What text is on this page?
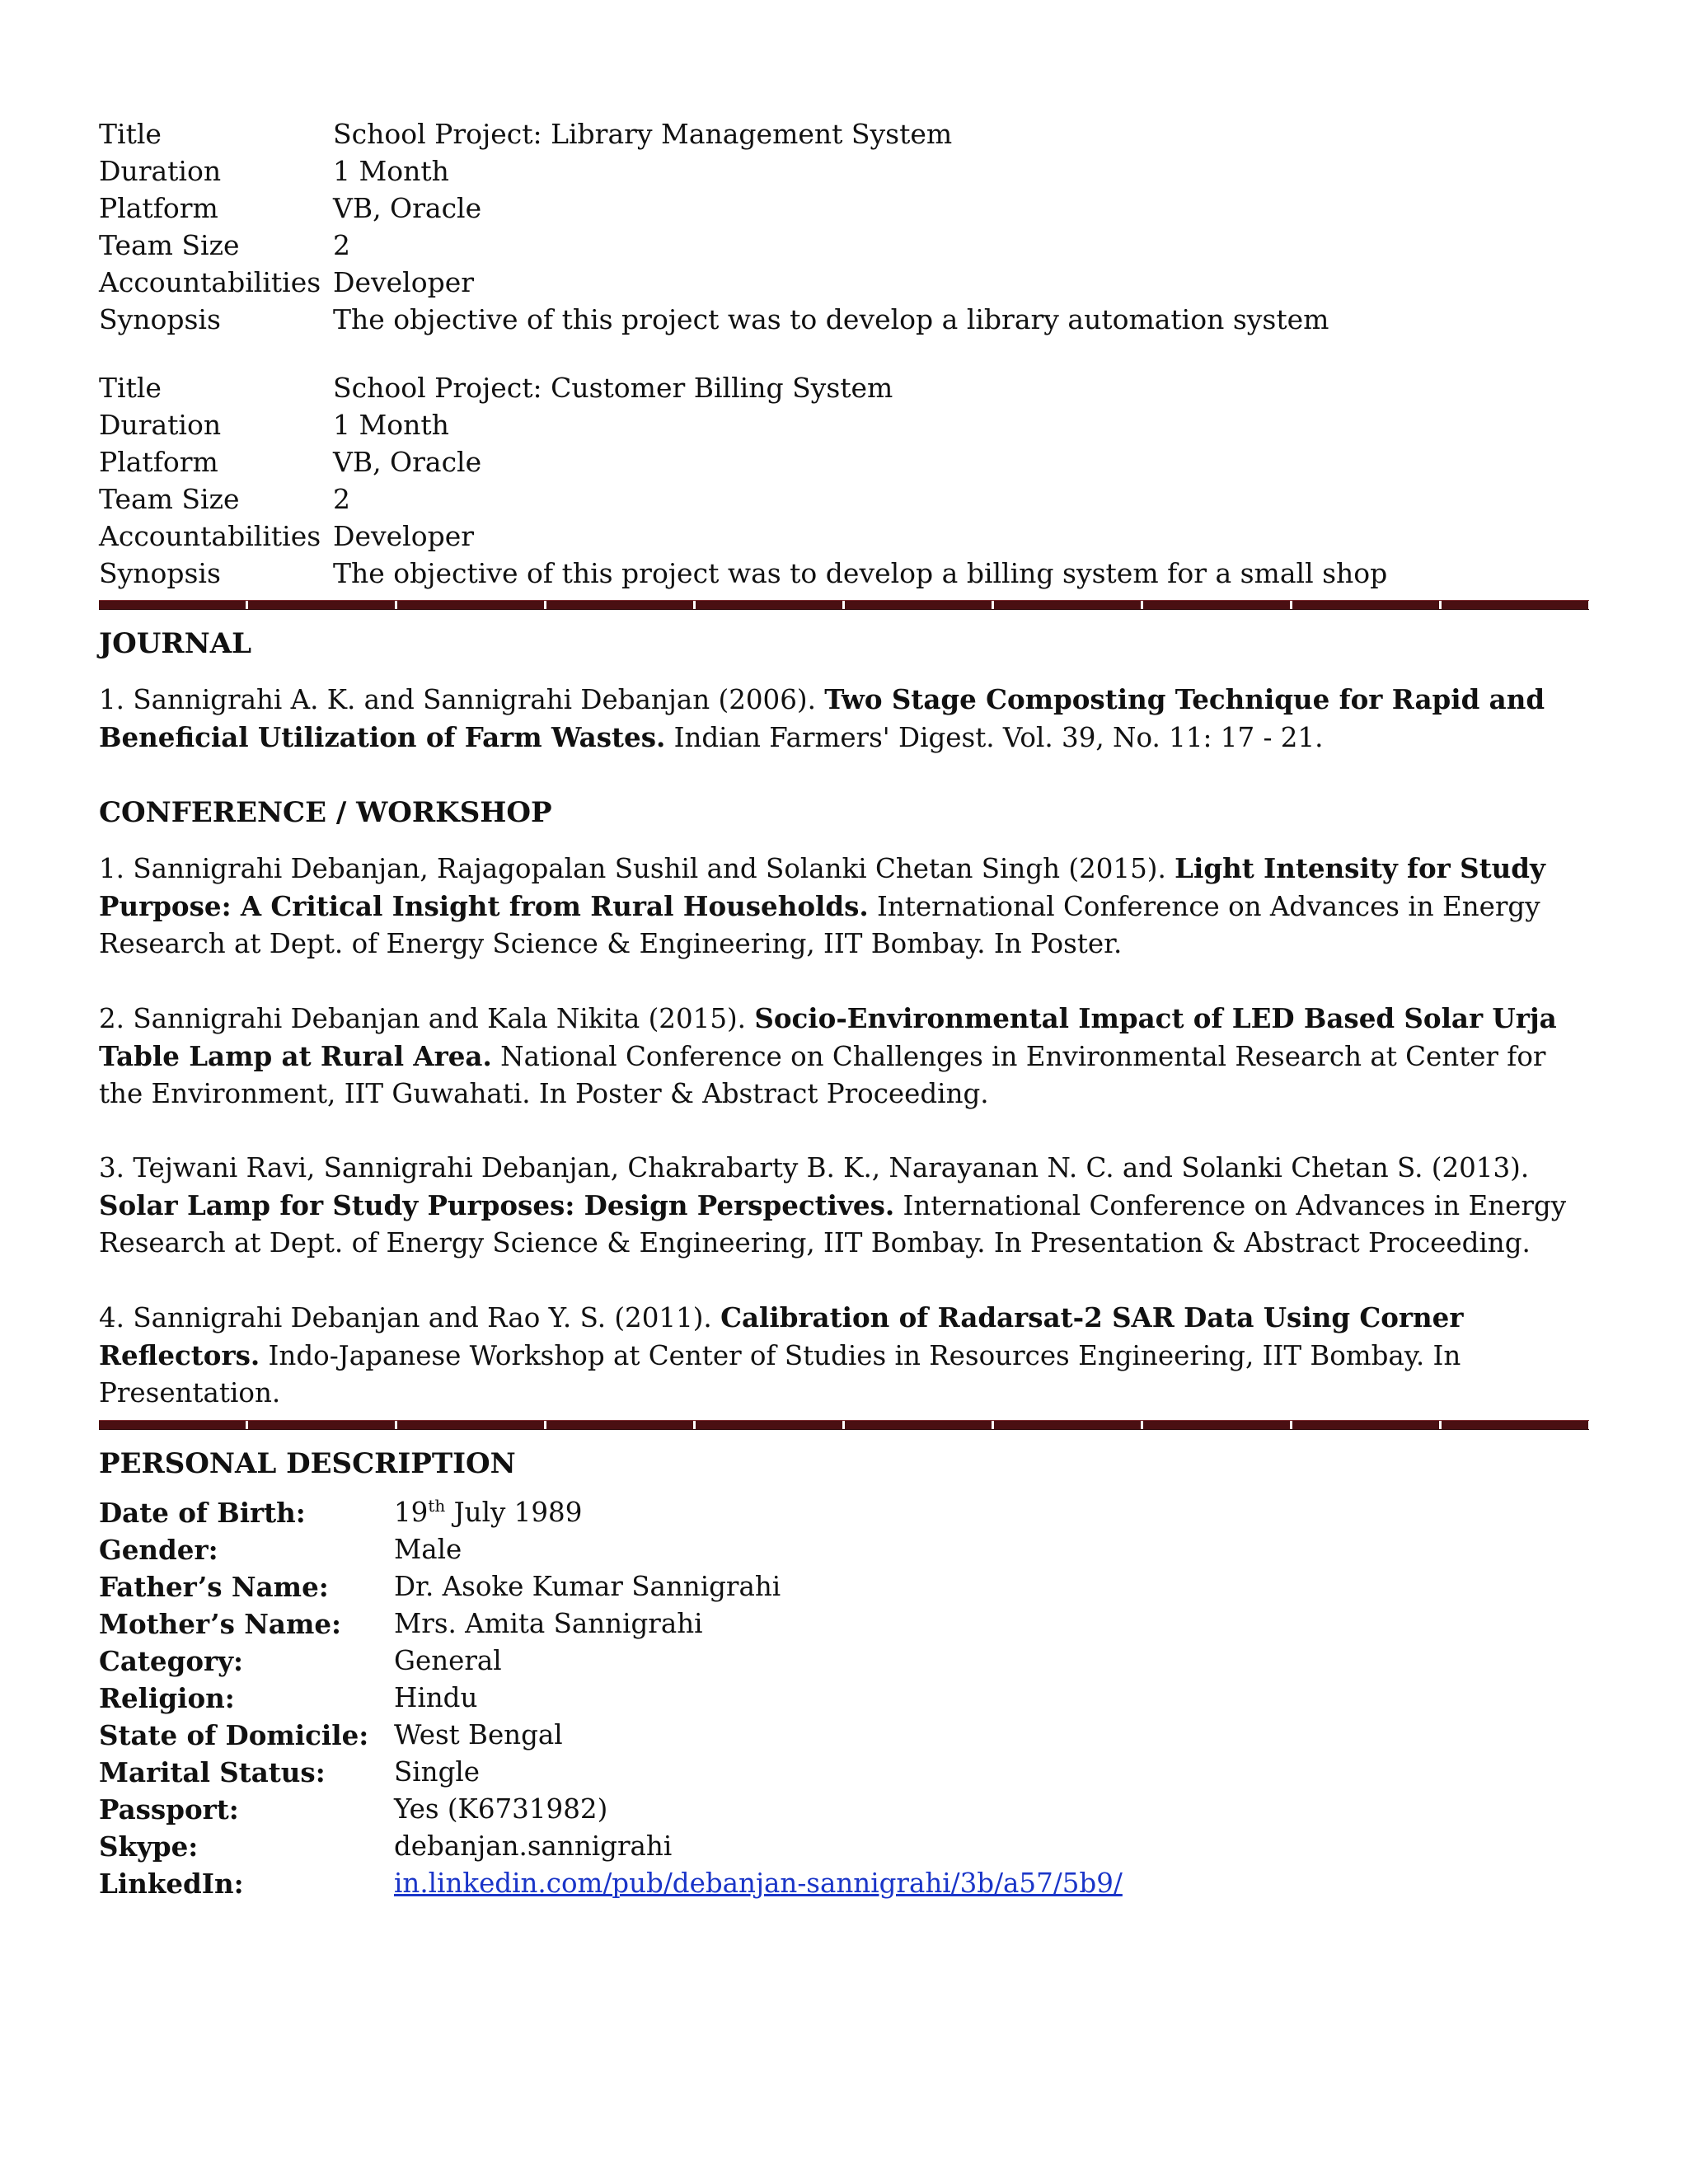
Title	School Project: Library Management System
Duration	1 Month
Platform	VB, Oracle
Team Size	2
Accountabilities	Developer
Synopsis	The objective of this project was to develop a library automation system
Title	School Project: Customer Billing System
Duration	1 Month
Platform	VB, Oracle
Team Size	2
Accountabilities	Developer
Synopsis	The objective of this project was to develop a billing system for a small shop
JOURNAL
1. Sannigrahi A. K. and Sannigrahi Debanjan (2006). Two Stage Composting Technique for Rapid and Beneficial Utilization of Farm Wastes. Indian Farmers' Digest. Vol. 39, No. 11: 17 - 21.
CONFERENCE / WORKSHOP
1. Sannigrahi Debanjan, Rajagopalan Sushil and Solanki Chetan Singh (2015). Light Intensity for Study Purpose: A Critical Insight from Rural Households. International Conference on Advances in Energy Research at Dept. of Energy Science & Engineering, IIT Bombay. In Poster.
2. Sannigrahi Debanjan and Kala Nikita (2015). Socio-Environmental Impact of LED Based Solar Urja Table Lamp at Rural Area. National Conference on Challenges in Environmental Research at Center for the Environment, IIT Guwahati. In Poster & Abstract Proceeding.
3. Tejwani Ravi, Sannigrahi Debanjan, Chakrabarty B. K., Narayanan N. C. and Solanki Chetan S. (2013). Solar Lamp for Study Purposes: Design Perspectives. International Conference on Advances in Energy Research at Dept. of Energy Science & Engineering, IIT Bombay. In Presentation & Abstract Proceeding.
4. Sannigrahi Debanjan and Rao Y. S. (2011). Calibration of Radarsat-2 SAR Data Using Corner Reflectors. Indo-Japanese Workshop at Center of Studies in Resources Engineering, IIT Bombay. In Presentation.
PERSONAL DESCRIPTION
Date of Birth:	19th July 1989
Gender:	Male
Father’s Name:	Dr. Asoke Kumar Sannigrahi
Mother’s Name:	Mrs. Amita Sannigrahi
Category:	General
Religion:	Hindu
State of Domicile:	West Bengal
Marital Status:	Single
Passport:	Yes (K6731982)
Skype:	debanjan.sannigrahi
LinkedIn:	in.linkedin.com/pub/debanjan-sannigrahi/3b/a57/5b9/
